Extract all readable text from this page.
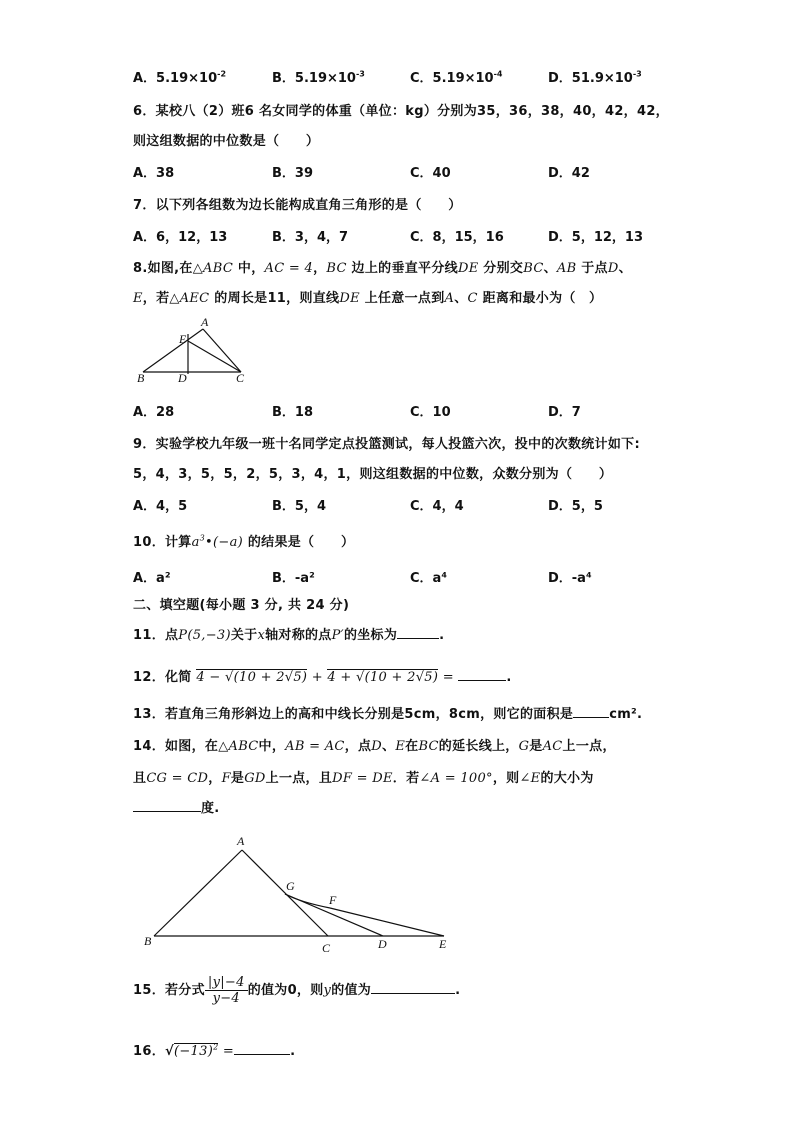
A．$5.19\times 10^{-2}$	B．$5.19\times 10^{-3}$	C．$5.19\times 10^{-4}$	D．$51.9\times 10^{-3}$
6．某校八（2）班6 名女同学的体重（单位：kg）分别为35，36，38，40，42，42，
则这组数据的中位数是（　　）
A．38	B．39	C．40	D．42
7．以下列各组数为边长能构成直角三角形的是（　　）
A．6，12，13	B．3，4，7	C．8，15，16	D．5，12，13
8.如图,在△ABC 中，AC = 4，BC 边上的垂直平分线DE 分别交BC、AB 于点D、
E，若△AEC 的周长是11，则直线DE 上任意一点到A、C 距离和最小为（　）
A
E
B	D	C
A．28	B．18	C．10	D．7
9．实验学校九年级一班十名同学定点投篮测试，每人投篮六次，投中的次数统计如下:
5，4，3，5，5，2，5，3，4，1，则这组数据的中位数，众数分别为（　　）
A．4，5	B．5，4	C．4，4	D．5，5
10．计算$a^3•(-a)$ 的结果是（　　）
A．a²	B．-a²	C．a⁴	D．-a⁴
二、填空题(每小题 3 分, 共 24 分)
11．点P(5,−3)关于x轴对称的点P′的坐标为	.
12．化简 4 − √(10 + 2√5) + 4 + √(10 + 2√5) =	.
13．若直角三角形斜边上的高和中线长分别是5cm，8cm，则它的面积是	cm².
14．如图，在△ABC中，AB = AC，点D、E在BC的延长线上，G是AC上一点，
且CG = CD，F是GD上一点，且DF = DE．若∠A = 100°，则∠E的大小为
度.
A
G
F
B	C	D	E
15．若分式 $\frac{|y|-4}{y-4}$ 的值为0，则y的值为	.
16．$√(-13)^2$ =	.
